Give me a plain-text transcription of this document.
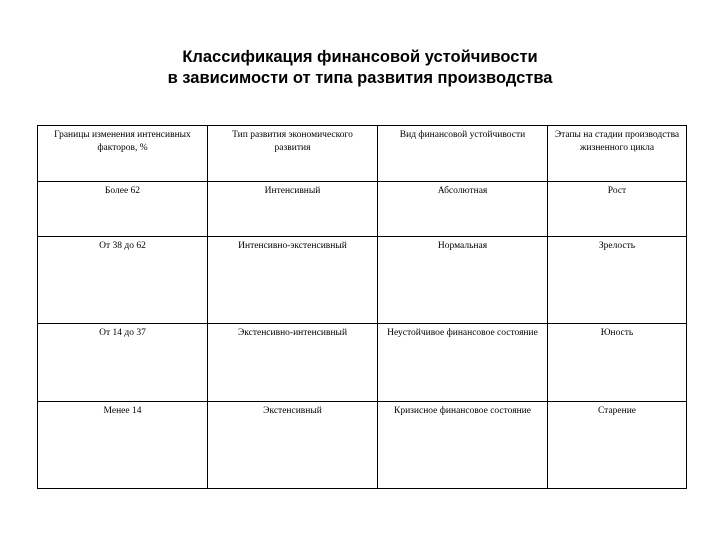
Классификация финансовой устойчивости
в зависимости от типа развития производства
Границы изменения интенсивных факторов, %	Тип развития экономического развития	Вид финансовой устойчивости	Этапы на стадии производства жизненного цикла

Более 62	Интенсивный	Абсолютная	Рост
От 38 до 62	Интенсивно-экстенсивный	Нормальная	Зрелость
От 14 до 37	Экстенсивно-интенсивный	Неустойчивое финансовое состояние	Юность
Менее 14	Экстенсивный	Кризисное финансовое состояние	Старение
